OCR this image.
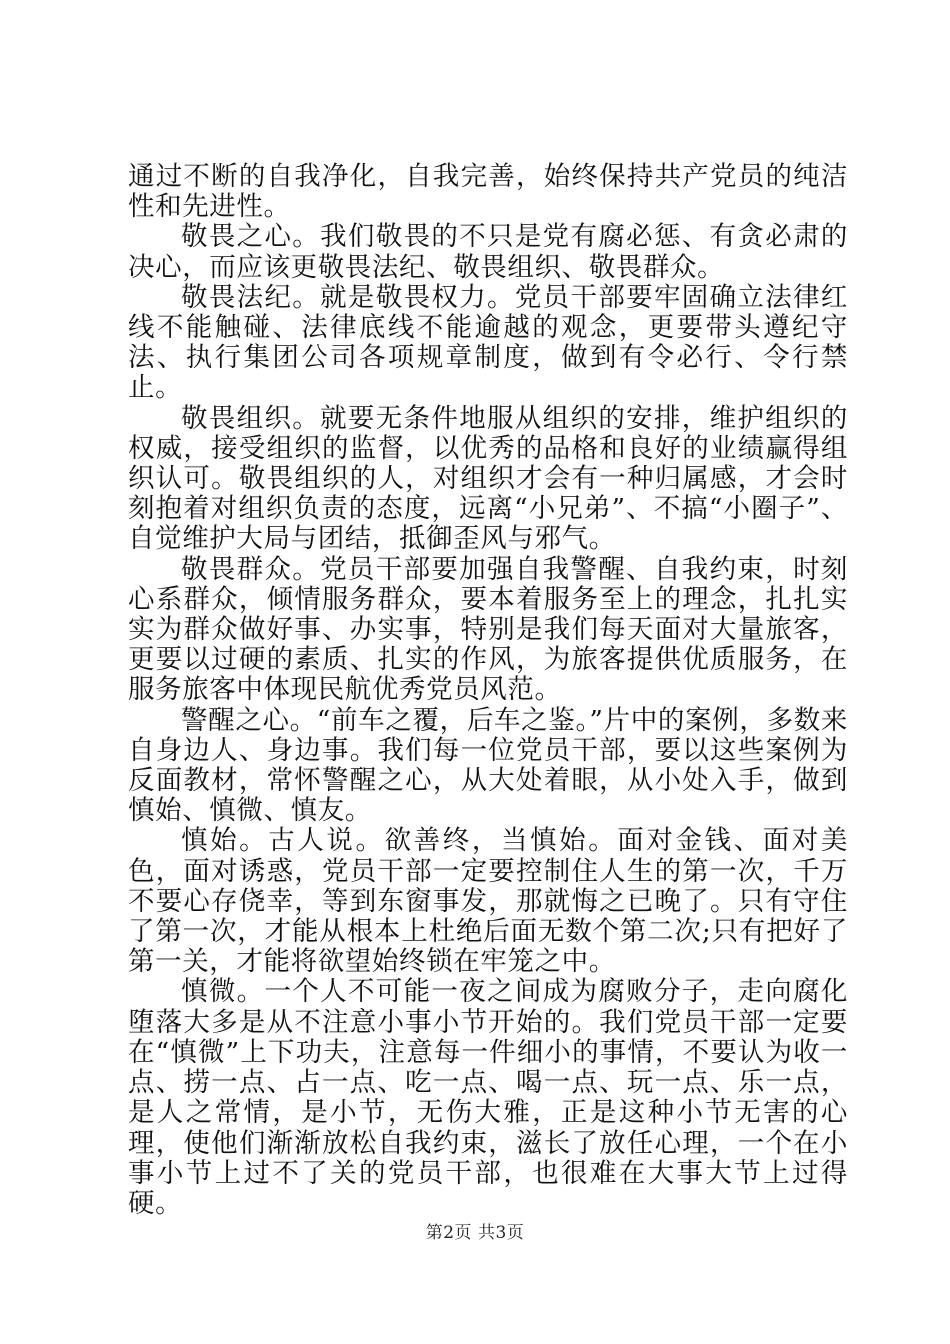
通过不断的自我净化，自我完善，始终保持共产党员的纯洁性和先进性。

敬畏之心。我们敬畏的不只是党有腐必惩、有贪必肃的决心，而应该更敬畏法纪、敬畏组织、敬畏群众。

敬畏法纪。就是敬畏权力。党员干部要牢固确立法律红线不能触碰、法律底线不能逾越的观念，更要带头遵纪守法、执行集团公司各项规章制度，做到有令必行、令行禁止。

敬畏组织。就要无条件地服从组织的安排，维护组织的权威，接受组织的监督，以优秀的品格和良好的业绩赢得组织认可。敬畏组织的人，对组织才会有一种归属感，才会时刻抱着对组织负责的态度，远离“小兄弟”、不搞“小圈子”、自觉维护大局与团结，抵御歪风与邪气。

敬畏群众。党员干部要加强自我警醒、自我约束，时刻心系群众，倾情服务群众，要本着服务至上的理念，扎扎实实为群众做好事、办实事，特别是我们每天面对大量旅客，更要以过硬的素质、扎实的作风，为旅客提供优质服务，在服务旅客中体现民航优秀党员风范。

警醒之心。“前车之覆，后车之鉴。”片中的案例，多数来自身边人、身边事。我们每一位党员干部，要以这些案例为反面教材，常怀警醒之心，从大处着眼，从小处入手，做到慎始、慎微、慎友。

慎始。古人说。欲善终，当慎始。面对金钱、面对美色，面对诱惑，党员干部一定要控制住人生的第一次，千万不要心存侥幸，等到东窗事发，那就悔之已晚了。只有守住了第一次，才能从根本上杜绝后面无数个第二次;只有把好了第一关，才能将欲望始终锁在牢笼之中。

慎微。一个人不可能一夜之间成为腐败分子，走向腐化堕落大多是从不注意小事小节开始的。我们党员干部一定要在“慎微”上下功夫，注意每一件细小的事情，不要认为收一点、捞一点、占一点、吃一点、喝一点、玩一点、乐一点，是人之常情，是小节，无伤大雅，正是这种小节无害的心理，使他们渐渐放松自我约束，滋长了放任心理，一个在小事小节上过不了关的党员干部，也很难在大事大节上过得硬。

第2页 共3页
